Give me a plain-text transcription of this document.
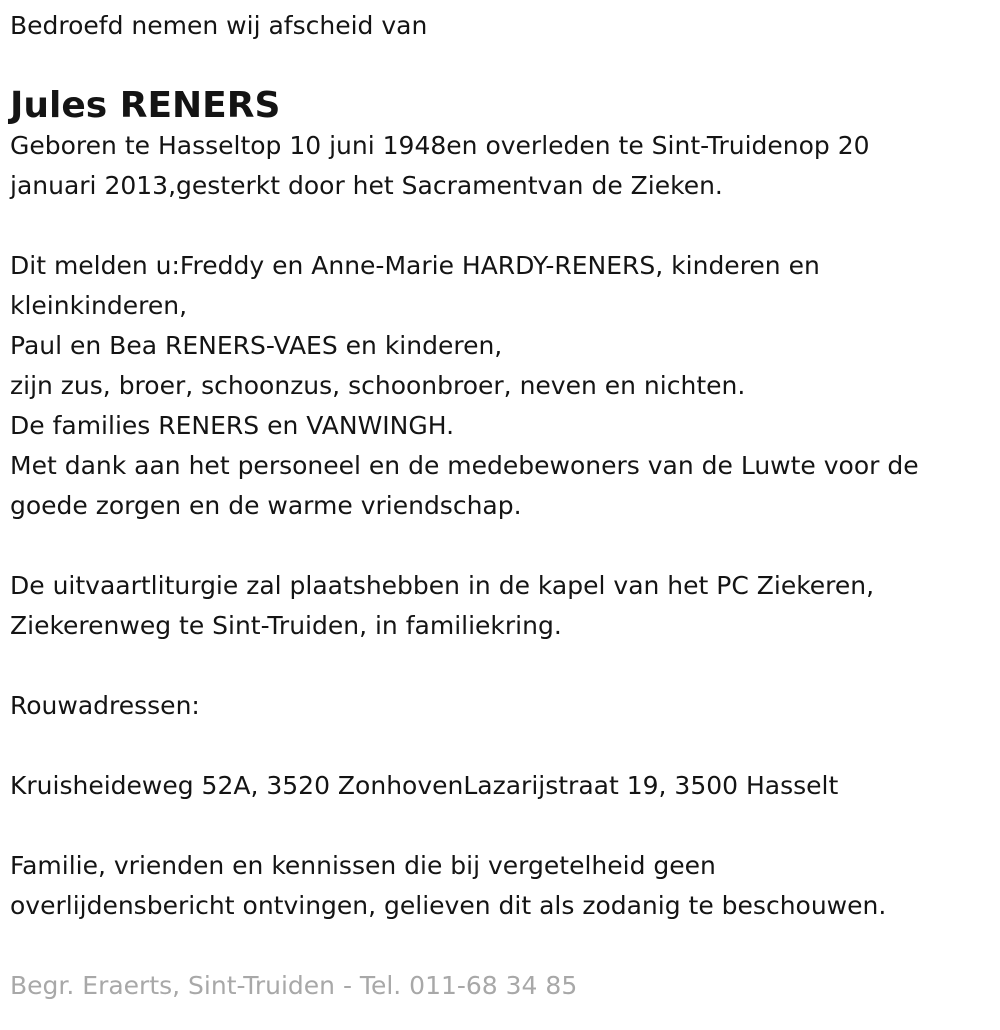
Bedroefd nemen wij afscheid van
Jules RENERS
Geboren te Hasseltop 10 juni 1948en overleden te Sint-Truidenop 20
januari 2013,gesterkt door het Sacramentvan de Zieken.
Dit melden u:Freddy en Anne-Marie HARDY-RENERS, kinderen en
kleinkinderen,
Paul en Bea RENERS-VAES en kinderen,
zijn zus, broer, schoonzus, schoonbroer, neven en nichten.
De families RENERS en VANWINGH.
Met dank aan het personeel en de medebewoners van de Luwte voor de
goede zorgen en de warme vriendschap.
De uitvaartliturgie zal plaatshebben in de kapel van het PC Ziekeren,
Ziekerenweg te Sint-Truiden, in familiekring.
Rouwadressen:
Kruisheideweg 52A, 3520 ZonhovenLazarijstraat 19, 3500 Hasselt
Familie, vrienden en kennissen die bij vergetelheid geen
overlijdensbericht ontvingen, gelieven dit als zodanig te beschouwen.
Begr. Eraerts, Sint-Truiden - Tel. 011-68 34 85
